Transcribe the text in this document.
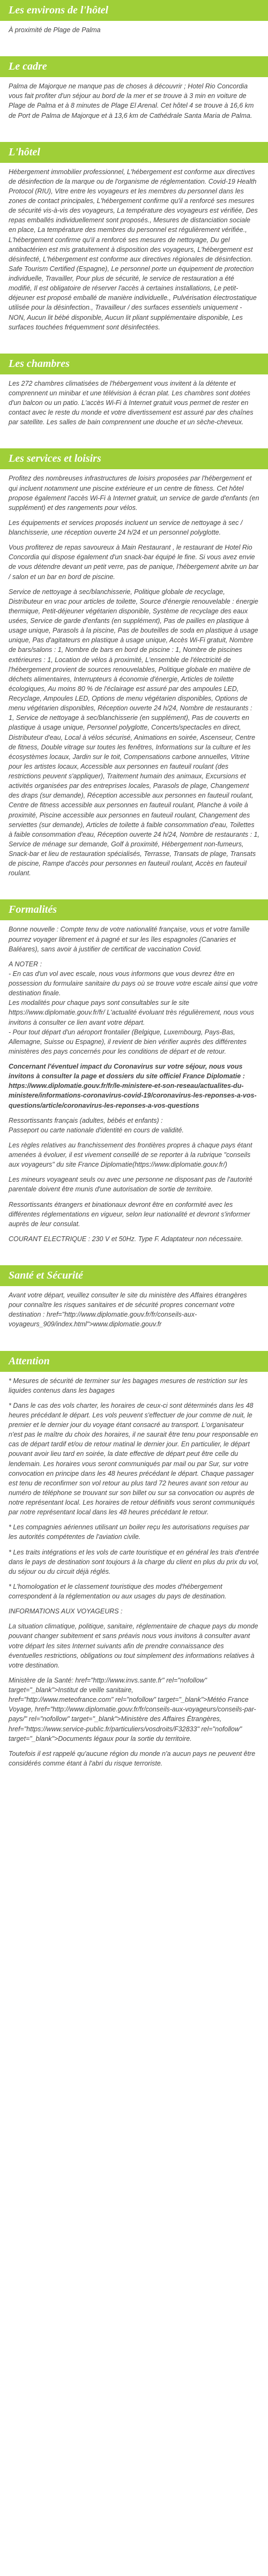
Les environs de l'hôtel

À proximité de Plage de Palma

Le cadre

Palma de Majorque ne manque pas de choses à découvrir ; Hotel Rio Concordia vous fait profiter d'un séjour au bord de la mer et se trouve à 3 min en voiture de Plage de Palma et à 8 minutes de Plage El Arenal. Cet hôtel 4 se trouve à 16,6 km de Port de Palma de Majorque et à 13,6 km de Cathédrale Santa Maria de Palma.

L'hôtel

Hébergement immobilier professionnel, L'hébergement est conforme aux directives de désinfection de la marque ou de l'organisme de réglementation. Covid-19 Health Protocol (RIU), Vitre entre les voyageurs et les membres du personnel dans les zones de contact principales, L'hébergement confirme qu'il a renforcé ses mesures de sécurité vis-à-vis des voyageurs, La température des voyageurs est vérifiée, Des repas emballés individuellement sont proposés., Mesures de distanciation sociale en place, La température des membres du personnel est régulièrement vérifiée., L'hébergement confirme qu'il a renforcé ses mesures de nettoyage, Du gel antibactérien est mis gratuitement à disposition des voyageurs, L'hébergement est désinfecté, L'hébergement est conforme aux directives régionales de désinfection. Safe Tourism Certified (Espagne), Le personnel porte un équipement de protection individuelle, Travailler, Pour plus de sécurité, le service de restauration a été modifié, Il est obligatoire de réserver l'accès à certaines installations, Le petit-déjeuner est proposé emballé de manière individuelle., Pulvérisation électrostatique utilisée pour la désinfection., Travailleur / des surfaces essentiels uniquement - NON, Aucun lit bébé disponible, Aucun lit pliant supplémentaire disponible, Les surfaces touchées fréquemment sont désinfectées.

Les chambres

Les 272 chambres climatisées de l'hébergement vous invitent à la détente et comprennent un minibar et une télévision à écran plat. Les chambres sont dotées d'un balcon ou un patio. L'accès Wi-Fi à Internet gratuit vous permet de rester en contact avec le reste du monde et votre divertissement est assuré par des chaînes par satellite. Les salles de bain comprennent une douche et un sèche-cheveux.

Les services et loisirs

Profitez des nombreuses infrastructures de loisirs proposées par l'hébergement et qui incluent notamment une piscine extérieure et un centre de fitness. Cet hôtel propose également l'accès Wi-Fi à Internet gratuit, un service de garde d'enfants (en supplément) et des rangements pour vélos.

Les équipements et services proposés incluent un service de nettoyage à sec / blanchisserie, une réception ouverte 24 h/24 et un personnel polyglotte.

Vous profiterez de repas savoureux à Main Restaurant , le restaurant de Hotel Rio Concordia qui dispose également d'un snack-bar équipé le fine. Si vous avez envie de vous détendre devant un petit verre, pas de panique, l'hébergement abrite un bar / salon et un bar en bord de piscine.

Service de nettoyage à sec/blanchisserie, Politique globale de recyclage, Distributeur en vrac pour articles de toilette, Source d'énergie renouvelable : énergie thermique, Petit-déjeuner végétarien disponible, Système de recyclage des eaux usées, Service de garde d'enfants (en supplément), Pas de pailles en plastique à usage unique, Parasols à la piscine, Pas de bouteilles de soda en plastique à usage unique, Pas d'agitateurs en plastique à usage unique, Accès Wi-Fi gratuit, Nombre de bars/salons : 1, Nombre de bars en bord de piscine : 1, Nombre de piscines extérieures : 1, Location de vélos à proximité, L'ensemble de l'électricité de l'hébergement provient de sources renouvelables, Politique globale en matière de déchets alimentaires, Interrupteurs à économie d'énergie, Articles de toilette écologiques, Au moins 80 % de l'éclairage est assuré par des ampoules LED, Recyclage, Ampoules LED, Options de menu végétarien disponibles, Options de menu végétarien disponibles, Réception ouverte 24 h/24, Nombre de restaurants : 1, Service de nettoyage à sec/blanchisserie (en supplément), Pas de couverts en plastique à usage unique, Personnel polyglotte, Concerts/spectacles en direct, Distributeur d'eau, Local à vélos sécurisé, Animations en soirée, Ascenseur, Centre de fitness, Double vitrage sur toutes les fenêtres, Informations sur la culture et les écosystèmes locaux, Jardin sur le toit, Compensations carbone annuelles, Vitrine pour les artistes locaux, Accessible aux personnes en fauteuil roulant (des restrictions peuvent s'appliquer), Traitement humain des animaux, Excursions et activités organisées par des entreprises locales, Parasols de plage, Changement des draps (sur demande), Réception accessible aux personnes en fauteuil roulant, Centre de fitness accessible aux personnes en fauteuil roulant, Planche à voile à proximité, Piscine accessible aux personnes en fauteuil roulant, Changement des serviettes (sur demande), Articles de toilette à faible consommation d'eau, Toilettes à faible consommation d'eau, Réception ouverte 24 h/24, Nombre de restaurants : 1, Service de ménage sur demande, Golf à proximité, Hébergement non-fumeurs, Snack-bar et lieu de restauration spécialisés, Terrasse, Transats de plage, Transats de piscine, Rampe d'accès pour personnes en fauteuil roulant, Accès en fauteuil roulant.

Formalités

Bonne nouvelle : Compte tenu de votre nationalité française, vous et votre famille pourrez voyager librement et à pagné et sur les îles espagnoles (Canaries et Baléares), sans avoir à justifier de certificat de vaccination Covid.

A NOTER :
- En cas d'un vol avec escale, nous vous informons que vous devrez être en possession du formulaire sanitaire du pays où se trouve votre escale ainsi que votre destination finale.
Les modalités pour chaque pays sont consultables sur le site https://www.diplomatie.gouv.fr/fr/ L'actualité évoluant très régulièrement, nous vous invitons à consulter ce lien avant votre départ.
- Pour tout départ d'un aéroport frontalier (Belgique, Luxembourg, Pays-Bas, Allemagne, Suisse ou Espagne), il revient de bien vérifier auprès des différentes ministères des pays concernés pour les conditions de départ et de retour.

Concernant l'éventuel impact du Coronavirus sur votre séjour, nous vous invitons à consulter la page et dossiers du site officiel France Diplomatie : https://www.diplomatie.gouv.fr/fr/le-ministere-et-son-reseau/actualites-du-ministere/informations-coronavirus-covid-19/coronavirus-les-reponses-a-vos-questions/article/coronavirus-les-reponses-a-vos-questions

Ressortissants français (adultes, bébés et enfants) :
Passeport ou carte nationale d'identité en cours de validité.

Les règles relatives au franchissement des frontières propres à chaque pays étant amenées à évoluer, il est vivement conseillé de se reporter à la rubrique "conseils aux voyageurs" du site France Diplomatie(https://www.diplomatie.gouv.fr/)

Les mineurs voyageant seuls ou avec une personne ne disposant pas de l'autorité parentale doivent être munis d'une autorisation de sortie de territoire.

Ressortissants étrangers et binationaux devront être en conformité avec les différentes réglementations en vigueur, selon leur nationalité et devront s'informer auprès de leur consulat.

COURANT ELECTRIQUE : 230 V et 50Hz. Type F. Adaptateur non nécessaire.

Santé et Sécurité

Avant votre départ, veuillez consulter le site du ministère des Affaires étrangères pour connaître les risques sanitaires et de sécurité propres concernant votre destination : href="http://www.diplomatie.gouv.fr/fr/conseils-aux-voyageurs_909/index.html">www.diplomatie.gouv.fr

Attention

* Mesures de sécurité de terminer sur les bagages mesures de restriction sur les liquides contenus dans les bagages

* Dans le cas des vols charter, les horaires de ceux-ci sont déterminés dans les 48 heures précédant le départ. Les vols peuvent s'effectuer de jour comme de nuit, le premier et le dernier jour du voyage étant consacré au transport. L'organisateur n'est pas le maître du choix des horaires, il ne saurait être tenu pour responsable en cas de départ tardif et/ou de retour matinal le dernier jour. En particulier, le départ pouvant avoir lieu tard en soirée, la date effective de départ peut être celle du lendemain. Les horaires vous seront communiqués par mail ou par Sur, sur votre convocation en principe dans les 48 heures précédant le départ. Chaque passager est tenu de reconfirmer son vol retour au plus tard 72 heures avant son retour au numéro de téléphone se trouvant sur son billet ou sur sa convocation ou auprès de notre représentant local. Les horaires de retour définitifs vous seront communiqués par notre représentant local dans les 48 heures précédant le retour.

* Les compagnies aériennes utilisant un boiler reçu les autorisations requises par les autorités compétentes de l'aviation civile.

* Les traits intégrations et les vols de carte touristique et en général les trais d'entrée dans le pays de destination sont toujours à la charge du client en plus du prix du vol, du séjour ou du circuit déjà réglés.

* L'homologation et le classement touristique des modes d'hébergement correspondent à la réglementation ou aux usages du pays de destination.

INFORMATIONS AUX VOYAGEURS :

La situation climatique, politique, sanitaire, réglementaire de chaque pays du monde pouvant changer subitement et sans préavis nous vous invitons à consulter avant votre départ les sites Internet suivants afin de prendre connaissance des éventuelles restrictions, obligations ou tout simplement des informations relatives à votre destination.

Ministère de la Santé: href="http://www.invs.sante.fr" rel="nofollow" target="_blank">Institut de veille sanitaire,
href="http://www.meteofrance.com" rel="nofollow" target="_blank">Météo France Voyage, href="http://www.diplomatie.gouv.fr/fr/conseils-aux-voyageurs/conseils-par-pays/" rel="nofollow" target="_blank">Ministère des Affaires Étrangères, href="https://www.service-public.fr/particuliers/vosdroits/F32833" rel="nofollow" target="_blank">Documents légaux pour la sortie du territoire.

Toutefois il est rappelé qu'aucune région du monde n'a aucun pays ne peuvent être considérés comme étant à l'abri du risque terroriste.
